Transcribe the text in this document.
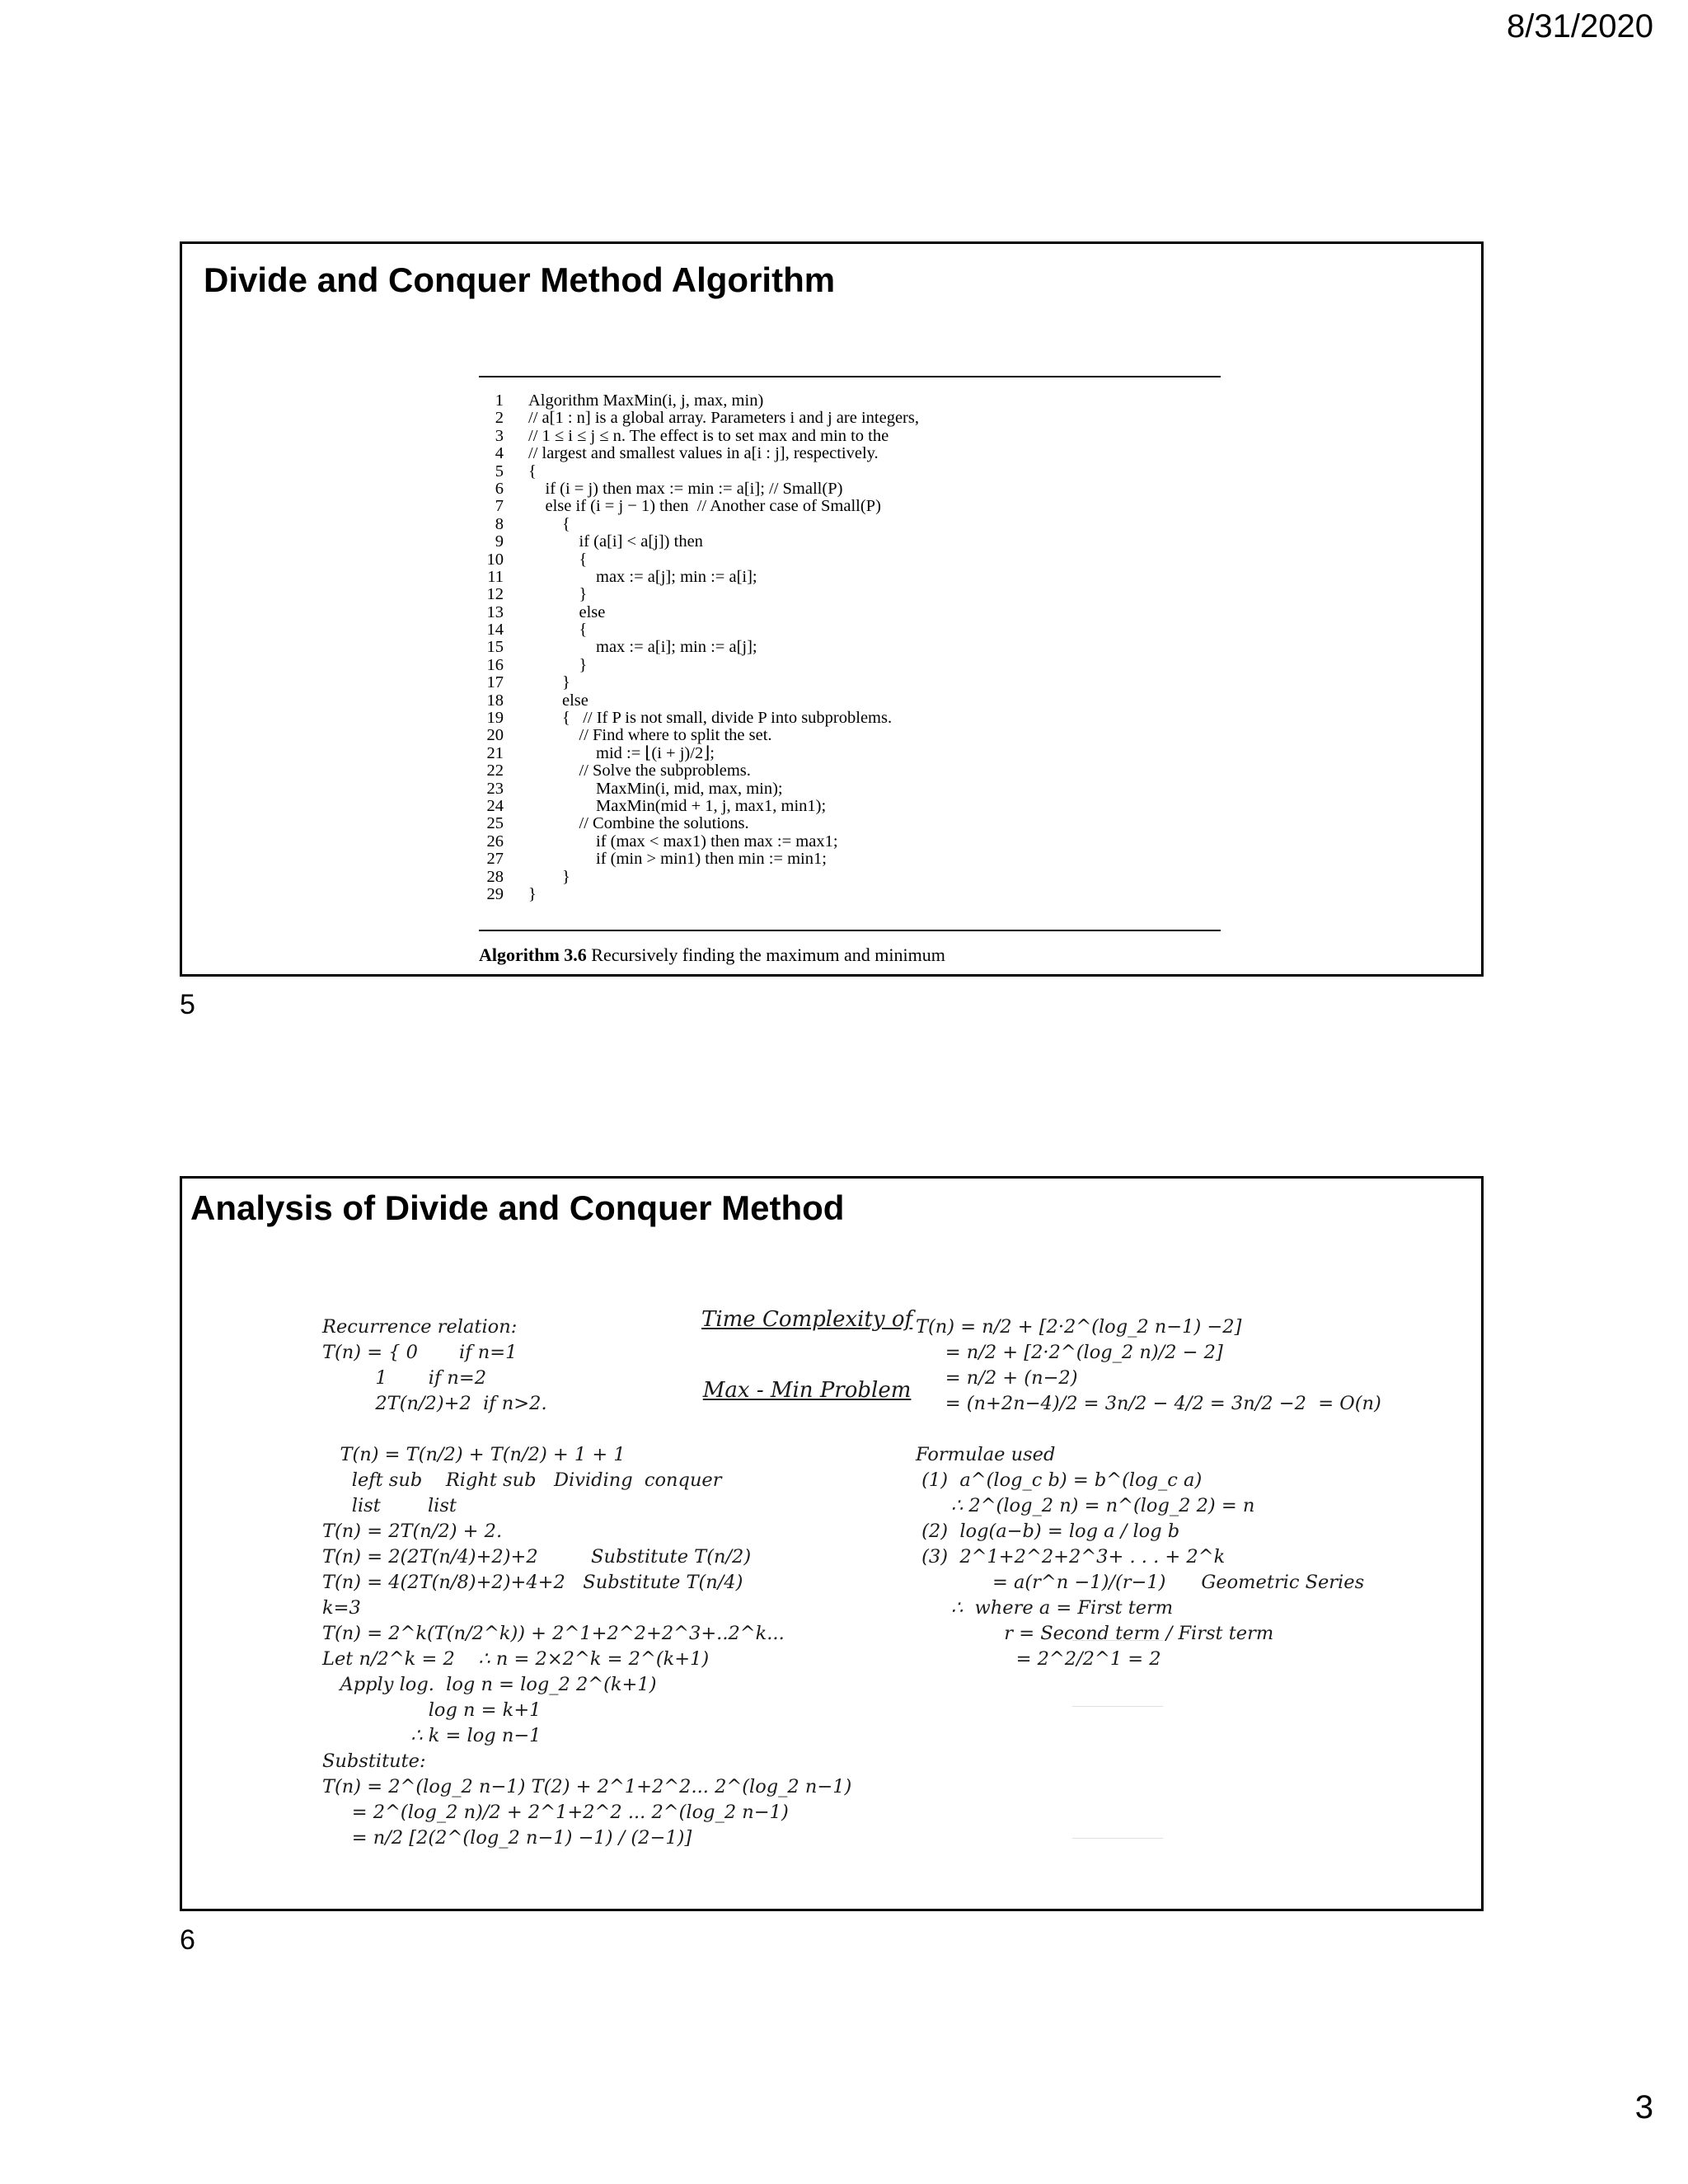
8/31/2020
Divide and Conquer Method Algorithm
1 Algorithm MaxMin(i, j, max, min)
2 // a[1 : n] is a global array. Parameters i and j are integers,
3 // 1 ≤ i ≤ j ≤ n. The effect is to set max and min to the
4 // largest and smallest values in a[i : j], respectively.
5 {
6 if (i = j) then max := min := a[i]; // Small(P)
7 else if (i = j − 1) then  // Another case of Small(P)
8 {
9 if (a[i] < a[j]) then
10 {
11 max := a[j]; min := a[i];
12 }
13 else
14 {
15 max := a[i]; min := a[j];
16 }
17 }
18 else
19 {   // If P is not small, divide P into subproblems.
20 // Find where to split the set.
21 mid := ⌊(i + j)/2⌋;
22 // Solve the subproblems.
23 MaxMin(i, mid, max, min);
24 MaxMin(mid + 1, j, max1, min1);
25 // Combine the solutions.
26 if (max < max1) then max := max1;
27 if (min > min1) then min := min1;
28 }
29 }
Algorithm 3.6 Recursively finding the maximum and minimum
5
Analysis of Divide and Conquer Method

Time Complexity of

Max - Min Problem

Recurrence relation:
T(n) = { 0       if n=1
1       if n=2
2T(n/2)+2  if n>2.

T(n) = T(n/2) + T(n/2) + 1 + 1
left sub    Right sub   Dividing  conquer
list        list
T(n) = 2T(n/2) + 2.
T(n) = 2(2T(n/4)+2)+2         Substitute T(n/2)
T(n) = 4(2T(n/8)+2)+4+2   Substitute T(n/4)
k=3
T(n) = 2^k(T(n/2^k)) + 2^1+2^2+2^3+..2^k...
Let n/2^k = 2    ∴ n = 2×2^k = 2^(k+1)
Apply log.  log n = log_2 2^(k+1)
log n = k+1
∴ k = log n−1
Substitute:
T(n) = 2^(log_2 n−1) T(2) + 2^1+2^2... 2^(log_2 n−1)
= 2^(log_2 n)/2 + 2^1+2^2 ... 2^(log_2 n−1)
= n/2 [2(2^(log_2 n−1) −1) / (2−1)]
T(n) = n/2 + [2·2^(log_2 n−1) −2]
= n/2 + [2·2^(log_2 n)/2 − 2]
= n/2 + (n−2)
= (n+2n−4)/2 = 3n/2 − 4/2 = 3n/2 −2  = O(n)

Formulae used
(1)  a^(log_c b) = b^(log_c a)
∴ 2^(log_2 n) = n^(log_2 2) = n
(2)  log(a−b) = log a / log b
(3)  2^1+2^2+2^3+ . . . + 2^k
= a(r^n −1)/(r−1)      Geometric Series
∴  where a = First term
r = Second term / First term
= 2^2/2^1 = 2
6
3
